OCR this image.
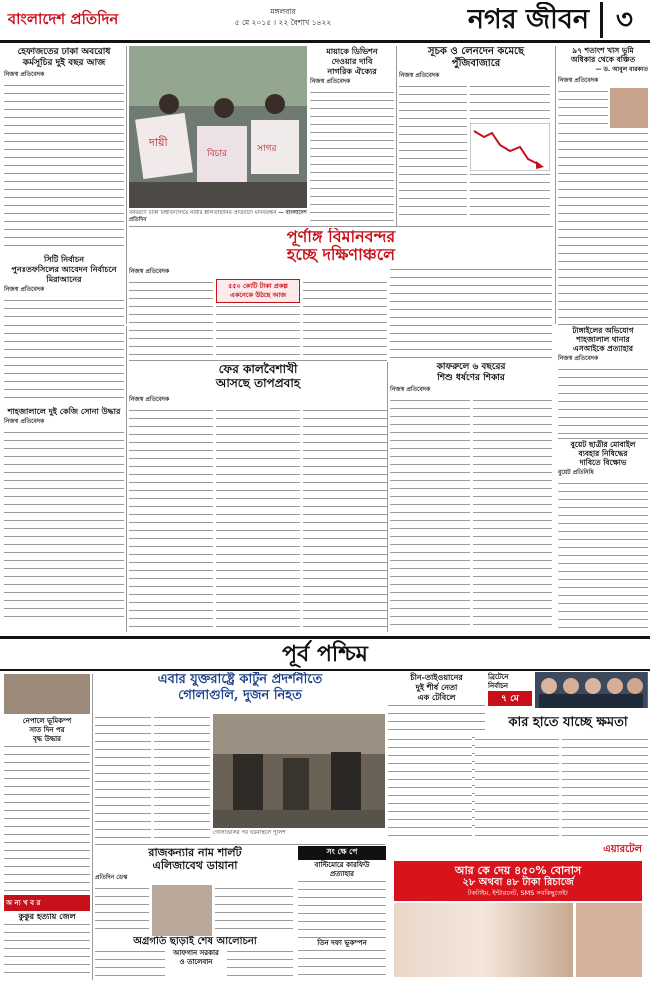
বাংলাদেশ প্রতিদিন	মঙ্গলবার
৫ মে ২০১৫ । ২২ বৈশাখ ১৪২২	নগর জীবন	৩
হেফাজতের ঢাকা অবরোধ কর্মসূচির দুই বছর আজ
নিজস্ব প্রতিবেদক
সিটি নির্বাচন
পুনঃতফসিলের আবেদন নির্বাচনে মিরাআনের
নিজস্ব প্রতিবেদক
দায়ী
বিচার	সাগর
বর্ষবরণে ঢাকা বিশ্ববিদ্যালয়ে নারীর শ্লীলতাহানির প্রতিবাদে মানববন্ধন — বাংলাদেশ প্রতিদিন
মায়াকে ডিভিশন
দেওয়ার দাবি
নাগরিক ঐক্যের
নিজস্ব প্রতিবেদক
সূচক ও লেনদেন কমেছে
পুঁজিবাজারে
নিজস্ব প্রতিবেদক
৯৭ শতাংশ খাস ভূমি
অধিকার থেকে বঞ্চিত
— ড. আবুল বারকাত
নিজস্ব প্রতিবেদক
পূর্ণাঙ্গ বিমানবন্দর
হচ্ছে দক্ষিণাঞ্চলে
নিজস্ব প্রতিবেদক
৫৫০ কোটি টাকা প্রকল্প একনেকে উঠছে আজ
শাহজালালে দুই কেজি সোনা উদ্ধার
নিজস্ব প্রতিবেদক
ফের কালবৈশাখী
আসছে তাপপ্রবাহ
নিজস্ব প্রতিবেদক
কাফরুলে ৬ বছরের
শিশু ধর্ষণের শিকার
নিজস্ব প্রতিবেদক
টাঙ্গাইলের অভিযোগ
শাহজালাল থানার
এসআইকে প্রত্যাহার
নিজস্ব প্রতিবেদক
বুয়েট ছাত্রীর মোবাইল
ব্যবহার নিষিদ্ধের
দাবিতে বিক্ষোভ
বুয়েট প্রতিনিধি
পূর্ব পশ্চিম
নেপালে ভূমিকম্প
সাত দিন পর
বৃদ্ধ উদ্ধার
অ ন্য খ ব র
কুকুর হত্যায় জেল
এবার যুক্তরাষ্ট্রে কার্টুন প্রদর্শনীতে
গোলাগুলি, দুজন নিহত
গোলাগুলির পর ঘটনাস্থলে পুলিশ
চীন-তাইওয়ানের
দুই শীর্ষ নেতা
এক টেবিলে
ব্রিটেনে
নির্বাচন
৭ মে
কার হাতে যাচ্ছে ক্ষমতা
রাজকন্যার নাম শার্লট
এলিজাবেথ ডায়ানা
প্রতিদিন ডেস্ক
অগ্রগতি ছাড়াই শেষ আলোচনা
আফগান সরকার
ও তালেবান
সং ক্ষে পে
বাল্টিমোরে কারফিউ
প্রত্যাহার
তিন দফা ভূকম্পন
এয়ারটেল
আর কে দেয় ৪৫০% বোনাস
২৮ অথবা ৪৮ টাকা রিচার্জে
টকটাইম, ইন্টারনেট, SMS সবকিছুতেই!
